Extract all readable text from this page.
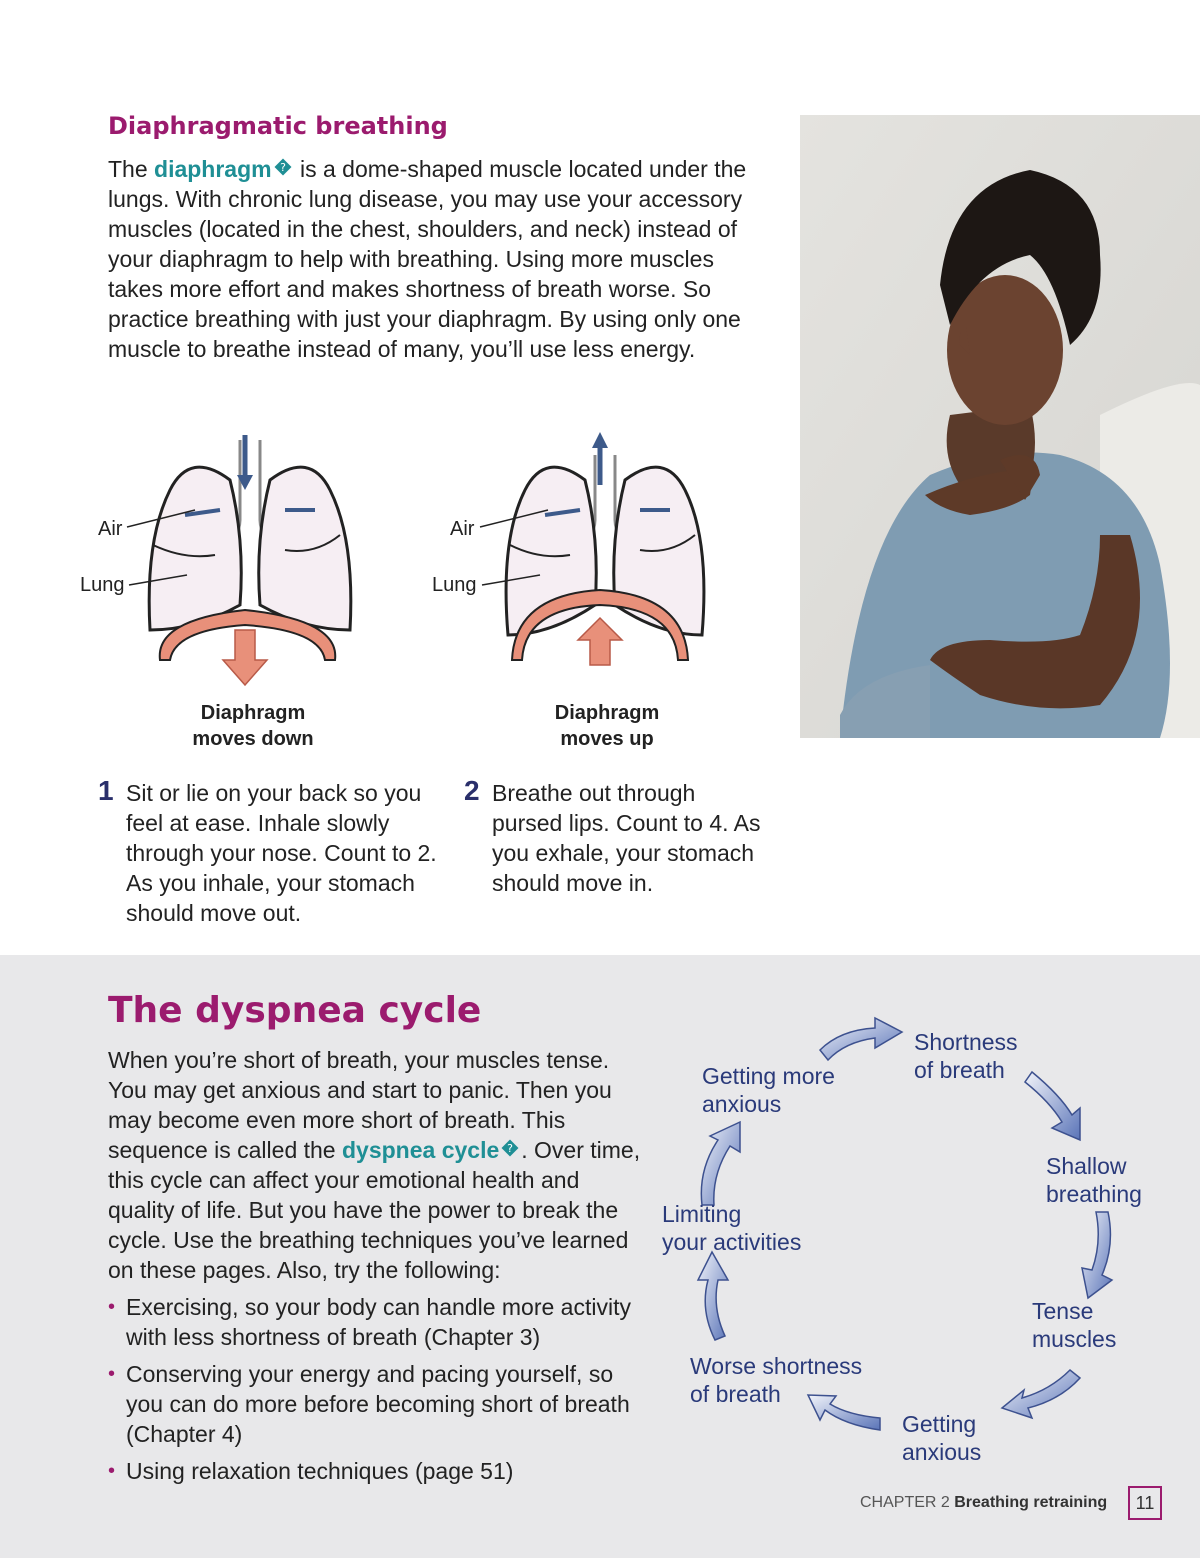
Diaphragmatic breathing

The diaphragm ? is a dome-shaped muscle located under the lungs. With chronic lung disease, you may use your accessory muscles (located in the chest, shoulders, and neck) instead of your diaphragm to help with breathing. Using more muscles takes more effort and makes shortness of breath worse. So practice breathing with just your diaphragm. By using only one muscle to breathe instead of many, you’ll use less energy.

Air
Lung
Diaphragm
moves down
Air
Lung
Diaphragm
moves up
1 Sit or lie on your back so you feel at ease. Inhale slowly through your nose. Count to 2. As you inhale, your stomach should move out.
2 Breathe out through pursed lips. Count to 4. As you exhale, your stomach should move in.
The dyspnea cycle

When you’re short of breath, your muscles tense. You may get anxious and start to panic. Then you may become even more short of breath. This sequence is called the dyspnea cycle ? . Over time, this cycle can affect your emotional health and quality of life. But you have the power to break the cycle. Use the breathing techniques you’ve learned on these pages. Also, try the following:

• Exercising, so your body can handle more activity with less shortness of breath (Chapter 3)
• Conserving your energy and pacing yourself, so you can do more before becoming short of breath (Chapter 4)
• Using relaxation techniques (page 51)
Shortness
of breath
Shallow
breathing
Tense
muscles
Getting
anxious
Worse shortness
of breath
Limiting
your activities
Getting more
anxious
CHAPTER 2 Breathing retraining	11
